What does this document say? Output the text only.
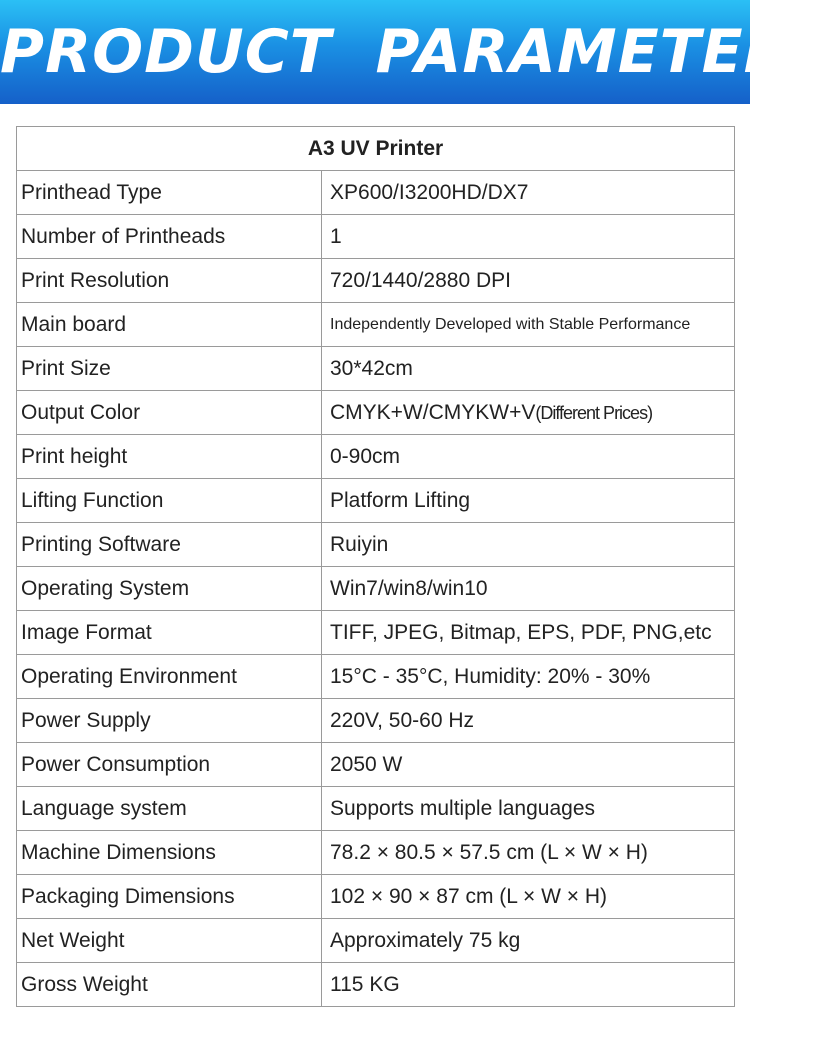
PRODUCT  PARAMETERS
A3 UV Printer	
Printhead Type	XP600/I3200HD/DX7
Number of Printheads	1
Print Resolution	720/1440/2880 DPI
Main board	Independently Developed with Stable Performance
Print Size	30*42cm
Output Color	CMYK+W/CMYKW+V(Different Prices)
Print height	0-90cm
Lifting Function	Platform Lifting
Printing Software	Ruiyin
Operating System	Win7/win8/win10
Image Format	TIFF, JPEG, Bitmap, EPS, PDF, PNG,etc
Operating Environment	15°C - 35°C, Humidity: 20% - 30%
Power Supply	220V, 50-60 Hz
Power Consumption	2050 W
Language system	Supports multiple languages
Machine Dimensions	78.2 × 80.5 × 57.5 cm (L × W × H)
Packaging Dimensions	102 × 90 × 87 cm (L × W × H)
Net Weight	Approximately 75 kg
Gross Weight	115 KG
